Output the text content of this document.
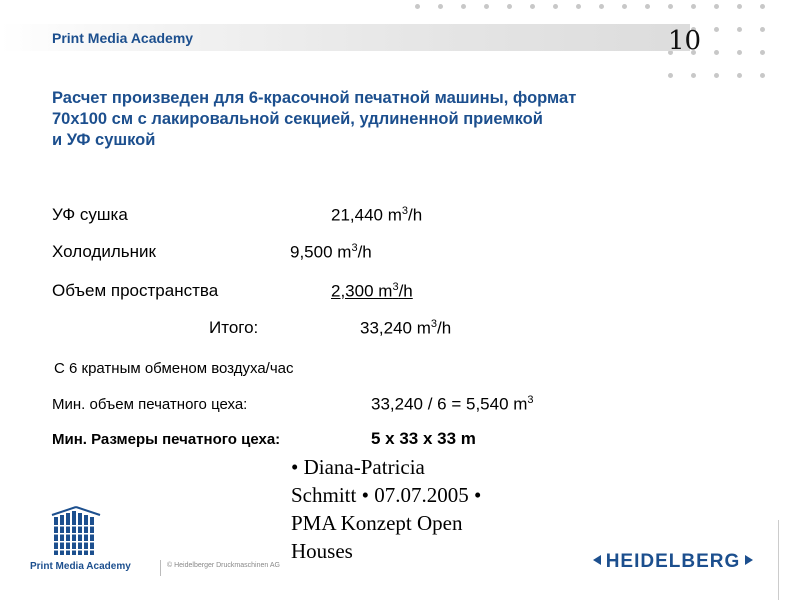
Print Media Academy	10
Расчет произведен для 6-красочной печатной машины, формат
70x100 см с лакировальной секцией, удлиненной приемкой
и УФ сушкой
УФ сушка	21,440 $m^3/h$
Холодильник	9,500 $m^3/h$
Объем пространства	2,300 $m^3/h$
Итого:	33,240 $m^3/h$
С 6 кратным обменом воздуха/час
Мин. объем печатного цеха:	33,240 / 6 = 5,540 $m^3$
Мин. Размеры печатного цеха:	5 x 33 x 33 m
• Diana-Patricia
Schmitt • 07.07.2005 •
PMA Konzept Open
Houses
Print Media Academy	© Heidelberger Druckmaschinen AG	HEIDELBERG
